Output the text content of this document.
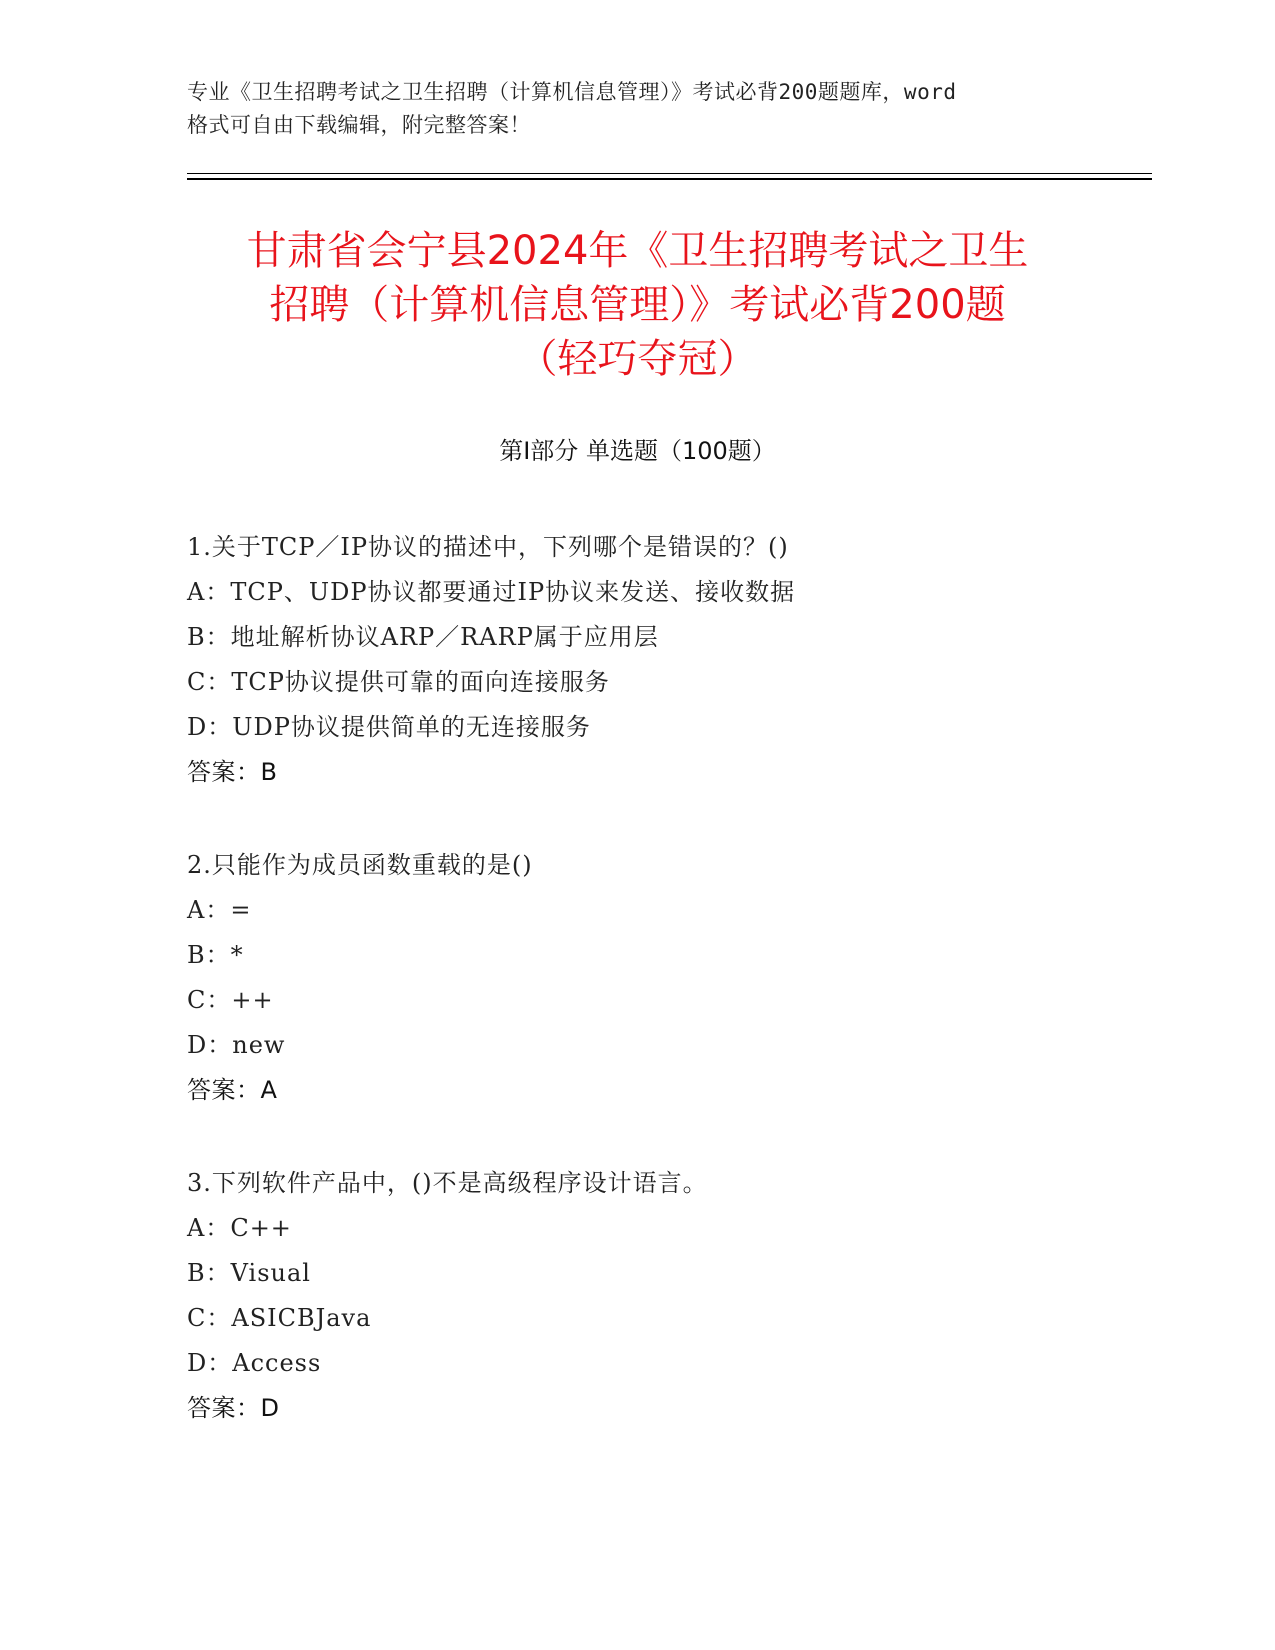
专业《卫生招聘考试之卫生招聘（计算机信息管理）》考试必背200题题库，word
格式可自由下载编辑，附完整答案！
甘肃省会宁县2024年《卫生招聘考试之卫生
招聘（计算机信息管理）》考试必背200题
（轻巧夺冠）
第I部分 单选题（100题）
1.关于TCP／IP协议的描述中，下列哪个是错误的？()
A：TCP、UDP协议都要通过IP协议来发送、接收数据
B：地址解析协议ARP／RARP属于应用层
C：TCP协议提供可靠的面向连接服务
D：UDP协议提供简单的无连接服务
答案：B
2.只能作为成员函数重载的是()
A：=
B：*
C：++
D：new
答案：A
3.下列软件产品中，()不是高级程序设计语言。
A：C++
B：Visual
C：ASICBJava
D：Access
答案：D
